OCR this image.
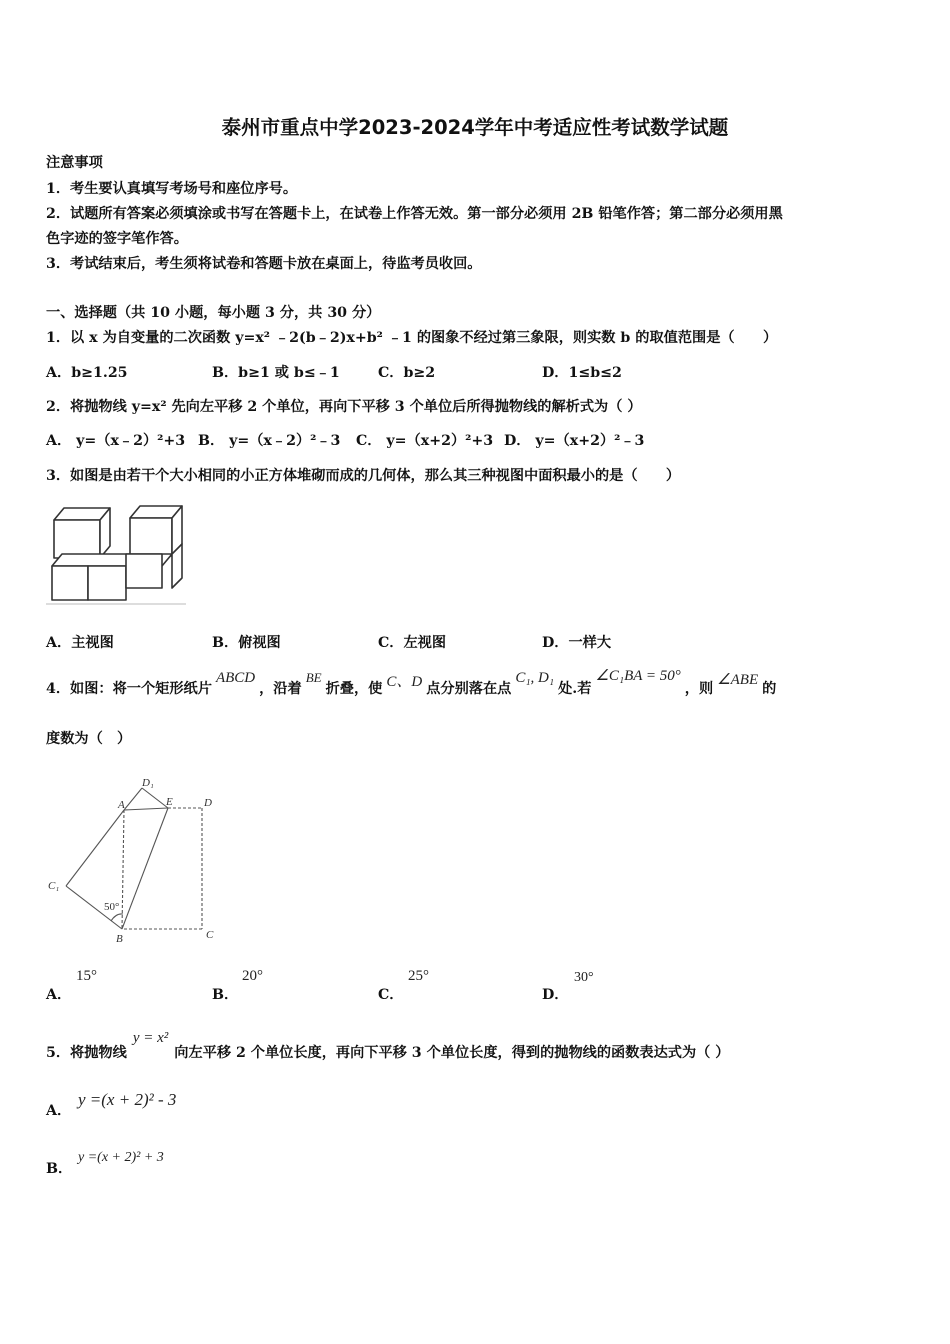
泰州市重点中学2023-2024学年中考适应性考试数学试题
注意事项
1．考生要认真填写考场号和座位序号。
2．试题所有答案必须填涂或书写在答题卡上，在试卷上作答无效。第一部分必须用 2B 铅笔作答；第二部分必须用黑
色字迹的签字笔作答。
3．考试结束后，考生须将试卷和答题卡放在桌面上，待监考员收回。
一、选择题（共 10 小题，每小题 3 分，共 30 分）
1．以 x 为自变量的二次函数 y=x² ﹣2(b﹣2)x+b² ﹣1 的图象不经过第三象限，则实数 b 的取值范围是（　　）
A．b≥1.25	B．b≥1 或 b≤﹣1	C．b≥2	D．1≤b≤2
2．将抛物线 y=x² 先向左平移 2 个单位，再向下平移 3 个单位后所得抛物线的解析式为（ ）
A． y=（x﹣2）²+3 B． y=（x﹣2）²﹣3 C． y=（x+2）²+3 D． y=（x+2）²﹣3
3．如图是由若干个大小相同的小正方体堆砌而成的几何体，那么其三种视图中面积最小的是（　　）
A．主视图	B．俯视图	C．左视图	D．一样大
4．如图：将一个矩形纸片
ABCD
，沿着
BE
折叠，使 C、D 点分别落在点
C₁, D₁
处.若
∠C₁BA = 50°
，则
∠ABE
的
度数为（　）
A
D₁
E	D
C₁
50°
B	C
A．
15°
B．
20°
C．
25°
D．
30°
5．将抛物线
y = x²
向左平移 2 个单位长度，再向下平移 3 个单位长度，得到的抛物线的函数表达式为（ ）
A．
y =(x + 2)² - 3
B．
y =(x + 2)² + 3
